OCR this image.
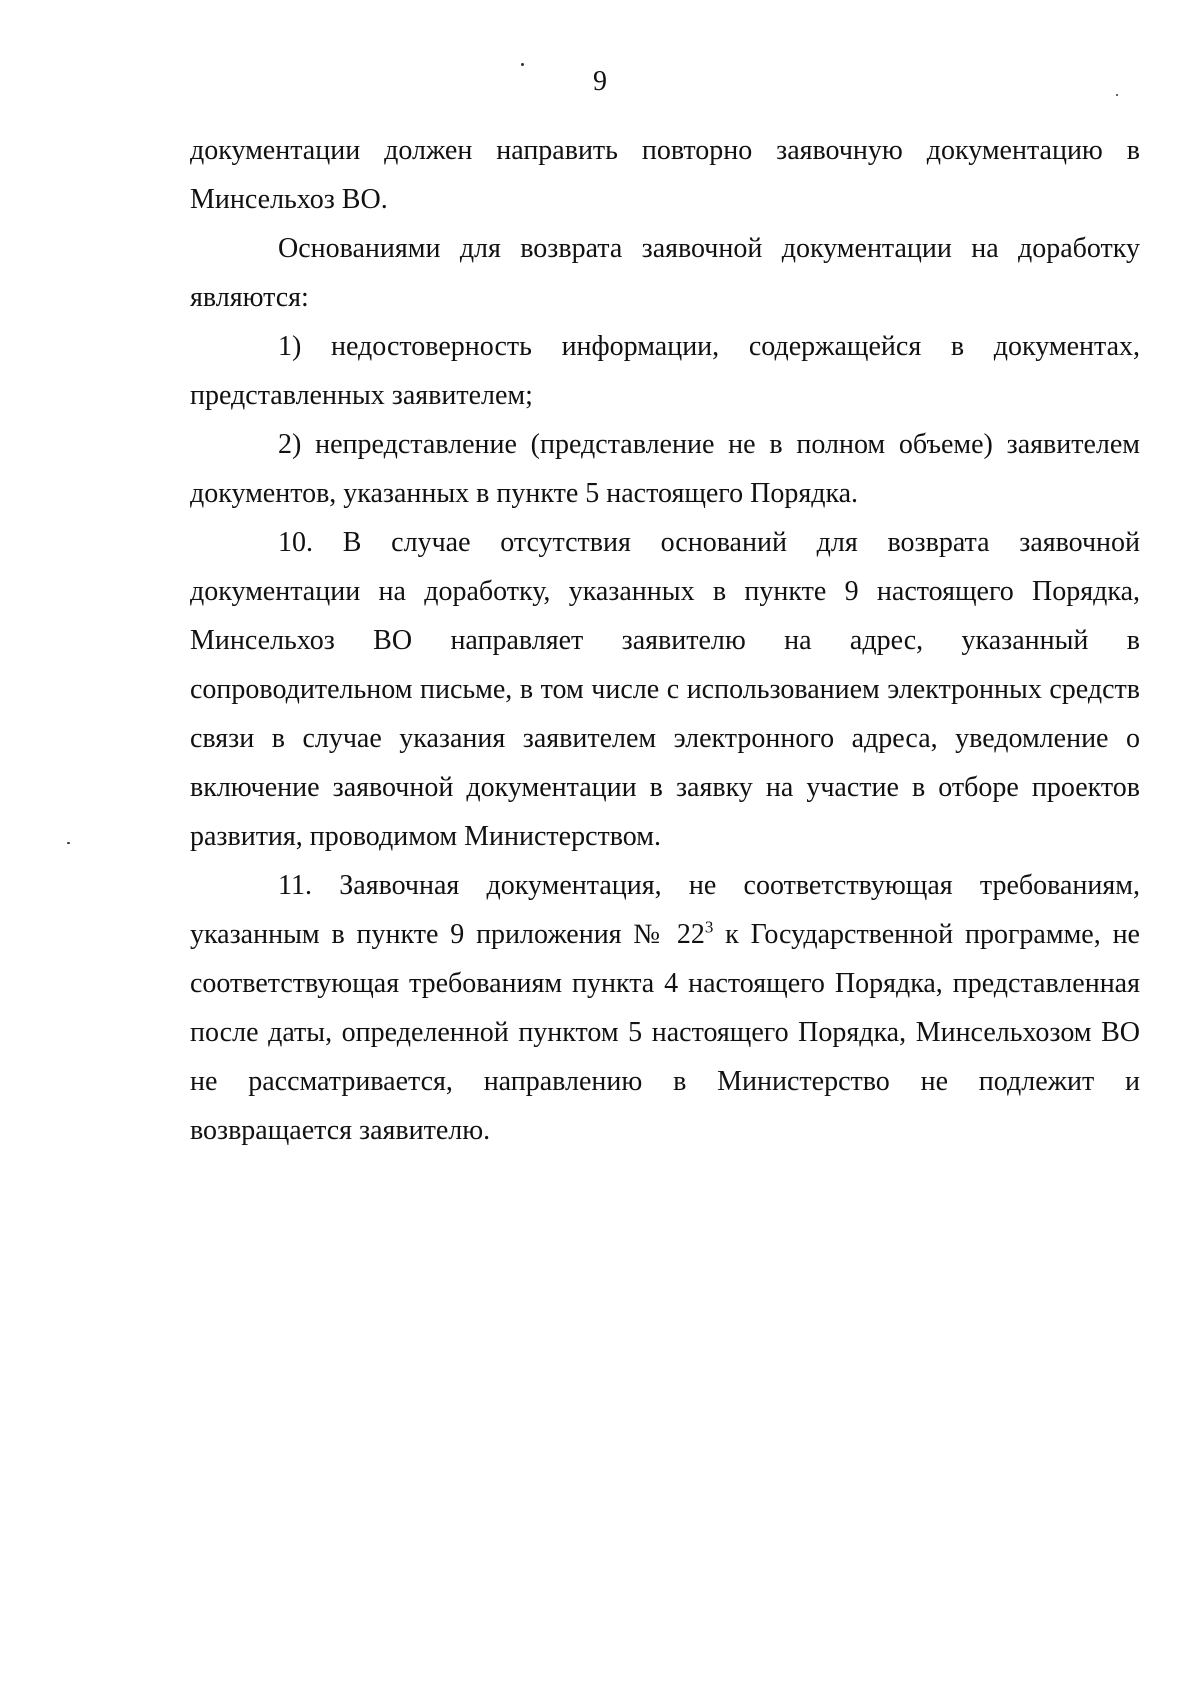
9

документации должен направить повторно заявочную документацию в Минсельхоз ВО.

Основаниями для возврата заявочной документации на доработку являются:

1) недостоверность информации, содержащейся в документах, представленных заявителем;

2) непредставление (представление не в полном объеме) заявителем документов, указанных в пункте 5 настоящего Порядка.

10. В случае отсутствия оснований для возврата заявочной документации на доработку, указанных в пункте 9 настоящего Порядка, Минсельхоз ВО направляет заявителю на адрес, указанный в сопроводительном письме, в том числе с использованием электронных средств связи в случае указания заявителем электронного адреса, уведомление о включение заявочной документации в заявку на участие в отборе проектов развития, проводимом Министерством.

11. Заявочная документация, не соответствующая требованиям, указанным в пункте 9 приложения № $22^3$ к Государственной программе, не соответствующая требованиям пункта 4 настоящего Порядка, представленная после даты, определенной пунктом 5 настоящего Порядка, Минсельхозом ВО не рассматривается, направлению в Министерство не подлежит и возвращается заявителю.
